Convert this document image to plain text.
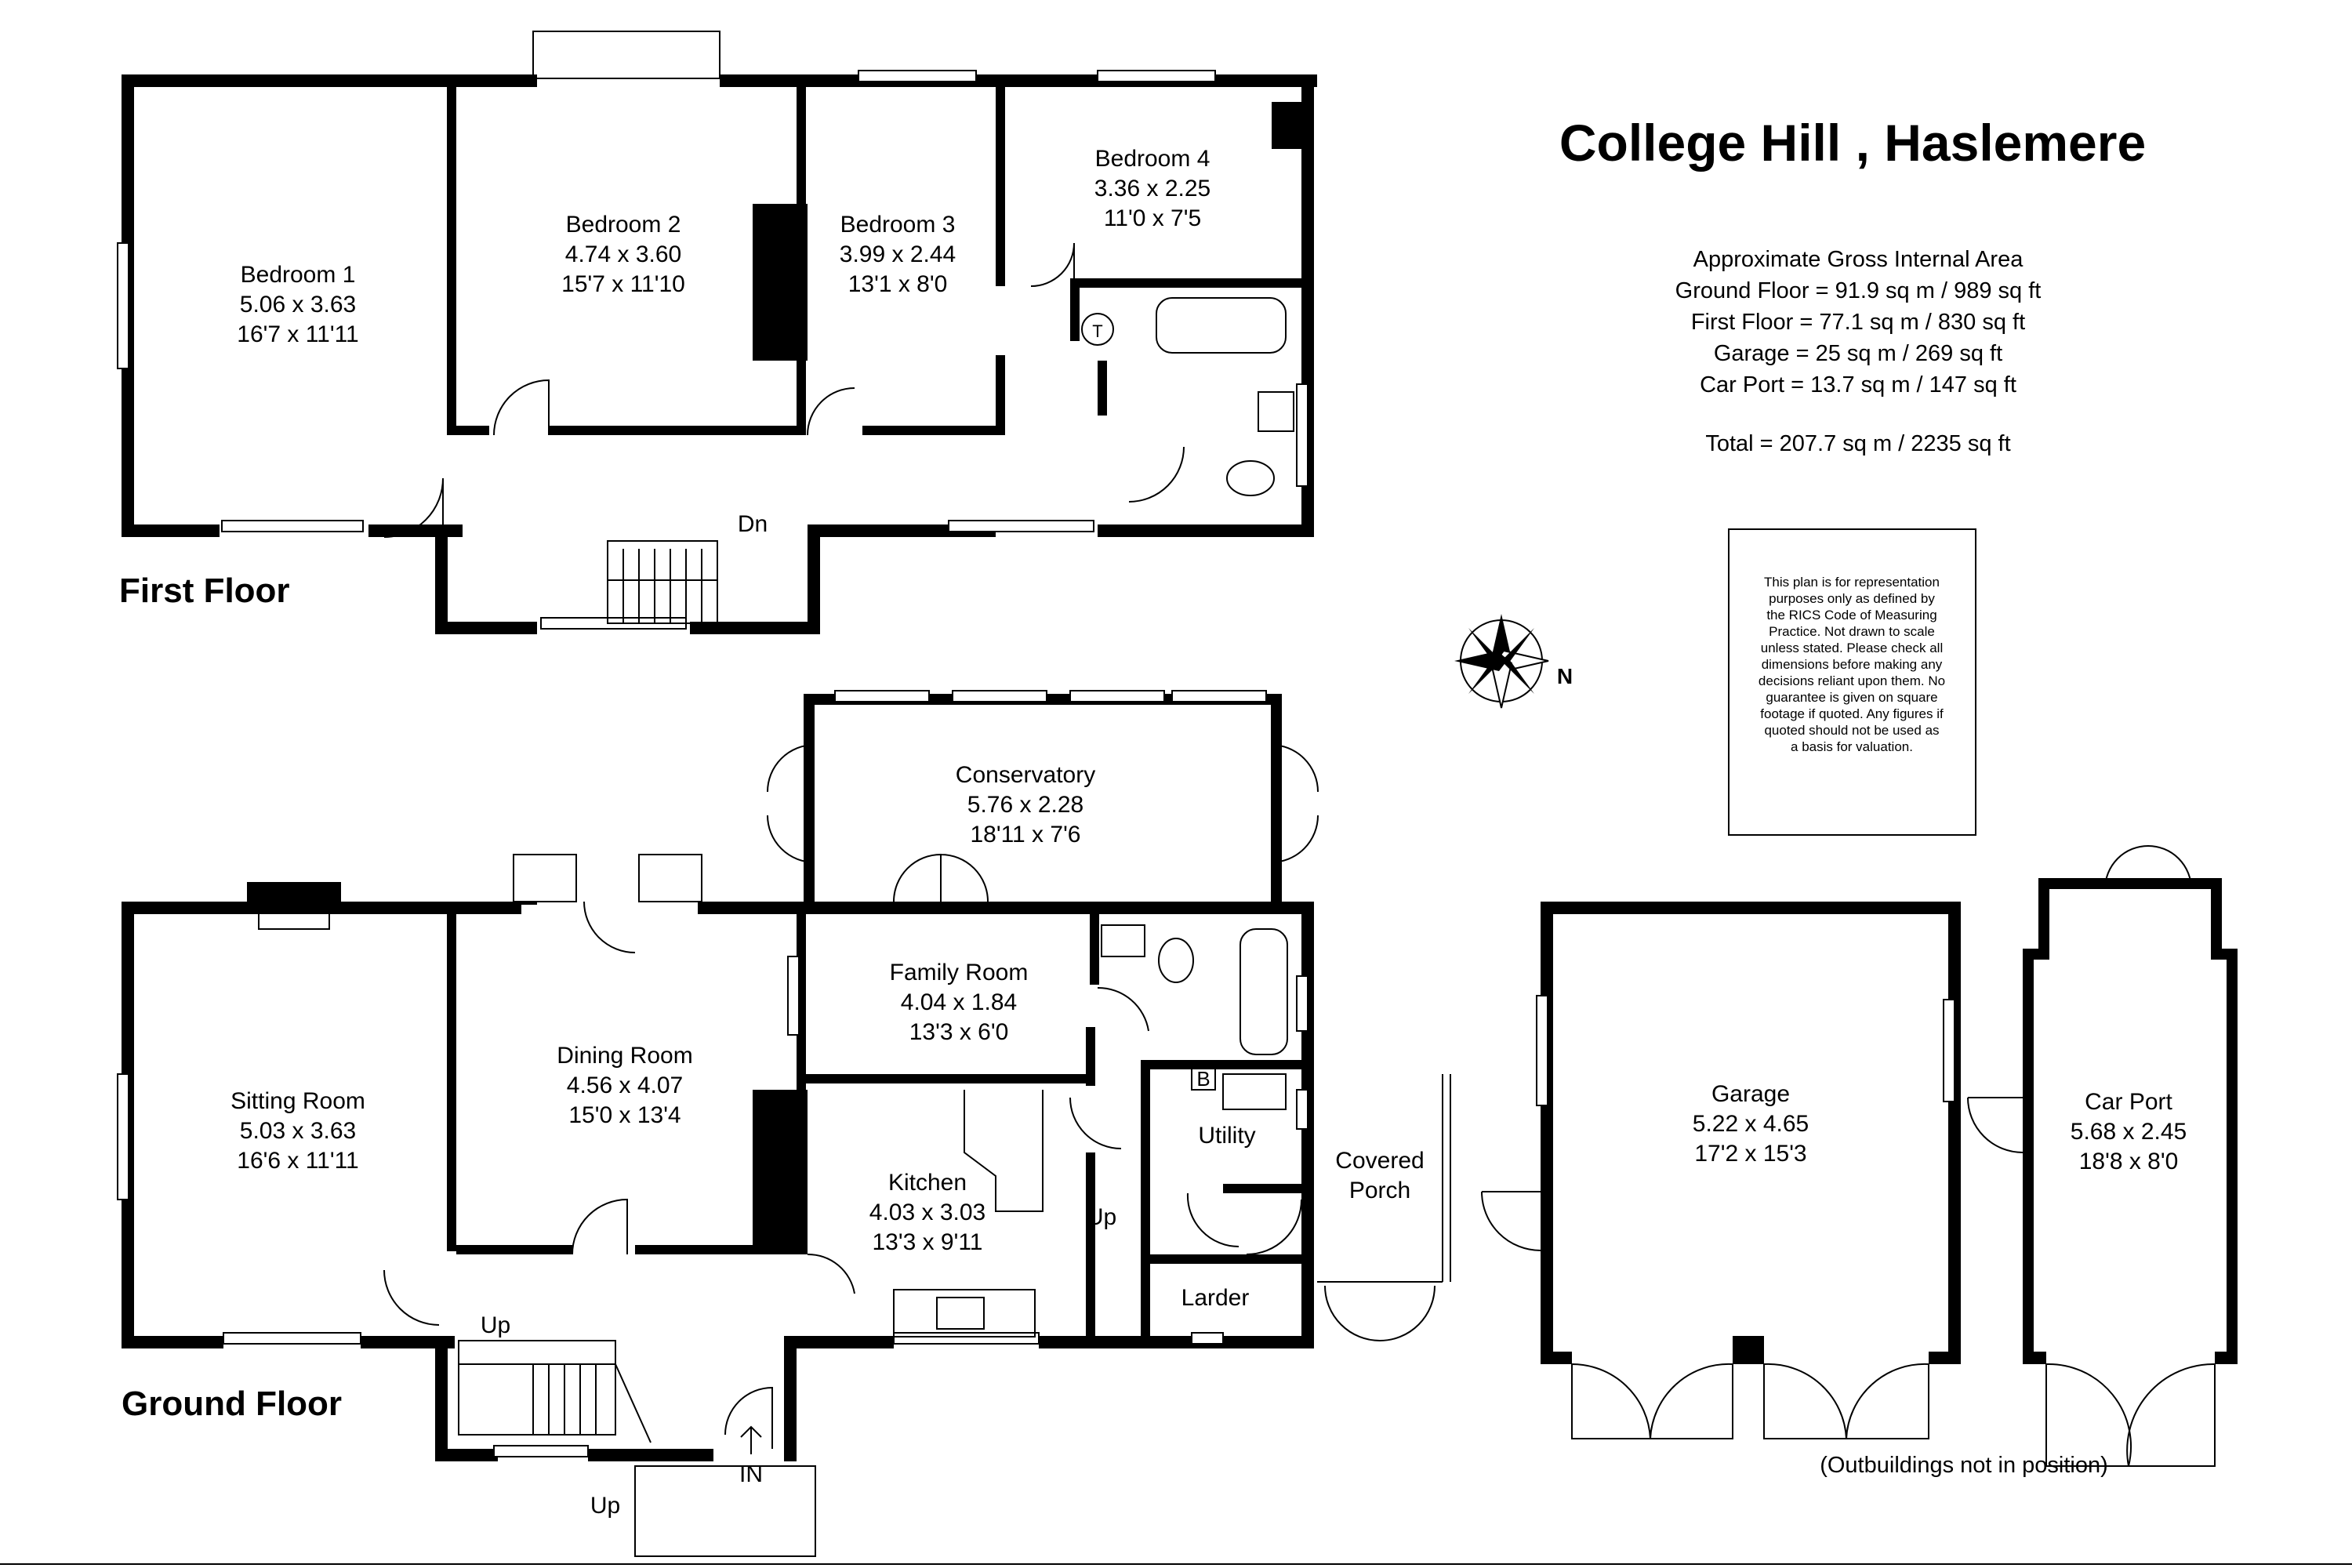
Bedroom 1
5.06 x 3.63
16'7 x 11'11
Bedroom 2
4.74 x 3.60
15'7 x 11'10
Bedroom 3
3.99 x 2.44
13'1 x 8'0
Bedroom 4
3.36 x 2.25
11'0 x 7'5
Dn
T
First Floor
Conservatory
5.76 x 2.28
18'11 x 7'6
Sitting Room
5.03 x 3.63
16'6 x 11'11
Dining Room
4.56 x 4.07
15'0 x 13'4
Family Room
4.04 x 1.84
13'3 x 6'0
Kitchen
4.03 x 3.03
13'3 x 9'11
Utility
Larder
Covered
Porch
B
Up
Up
Up
IN
Ground Floor
Garage
5.22 x 4.65
17'2 x 15'3
Car Port
5.68 x 2.45
18'8 x 8'0
(Outbuildings not in position)
College Hill , Haslemere
Approximate Gross Internal Area
Ground Floor = 91.9 sq m / 989 sq ft
First Floor = 77.1 sq m / 830 sq ft
Garage = 25 sq m / 269 sq ft
Car Port = 13.7 sq m / 147 sq ft
Total = 207.7 sq m / 2235 sq ft
This plan is for representation
purposes only as defined by
the RICS Code of Measuring
Practice. Not drawn to scale
unless stated. Please check all
dimensions before making any
decisions reliant upon them. No
guarantee is given on square
footage if quoted. Any figures if
quoted should not be used as
a basis for valuation.
N
